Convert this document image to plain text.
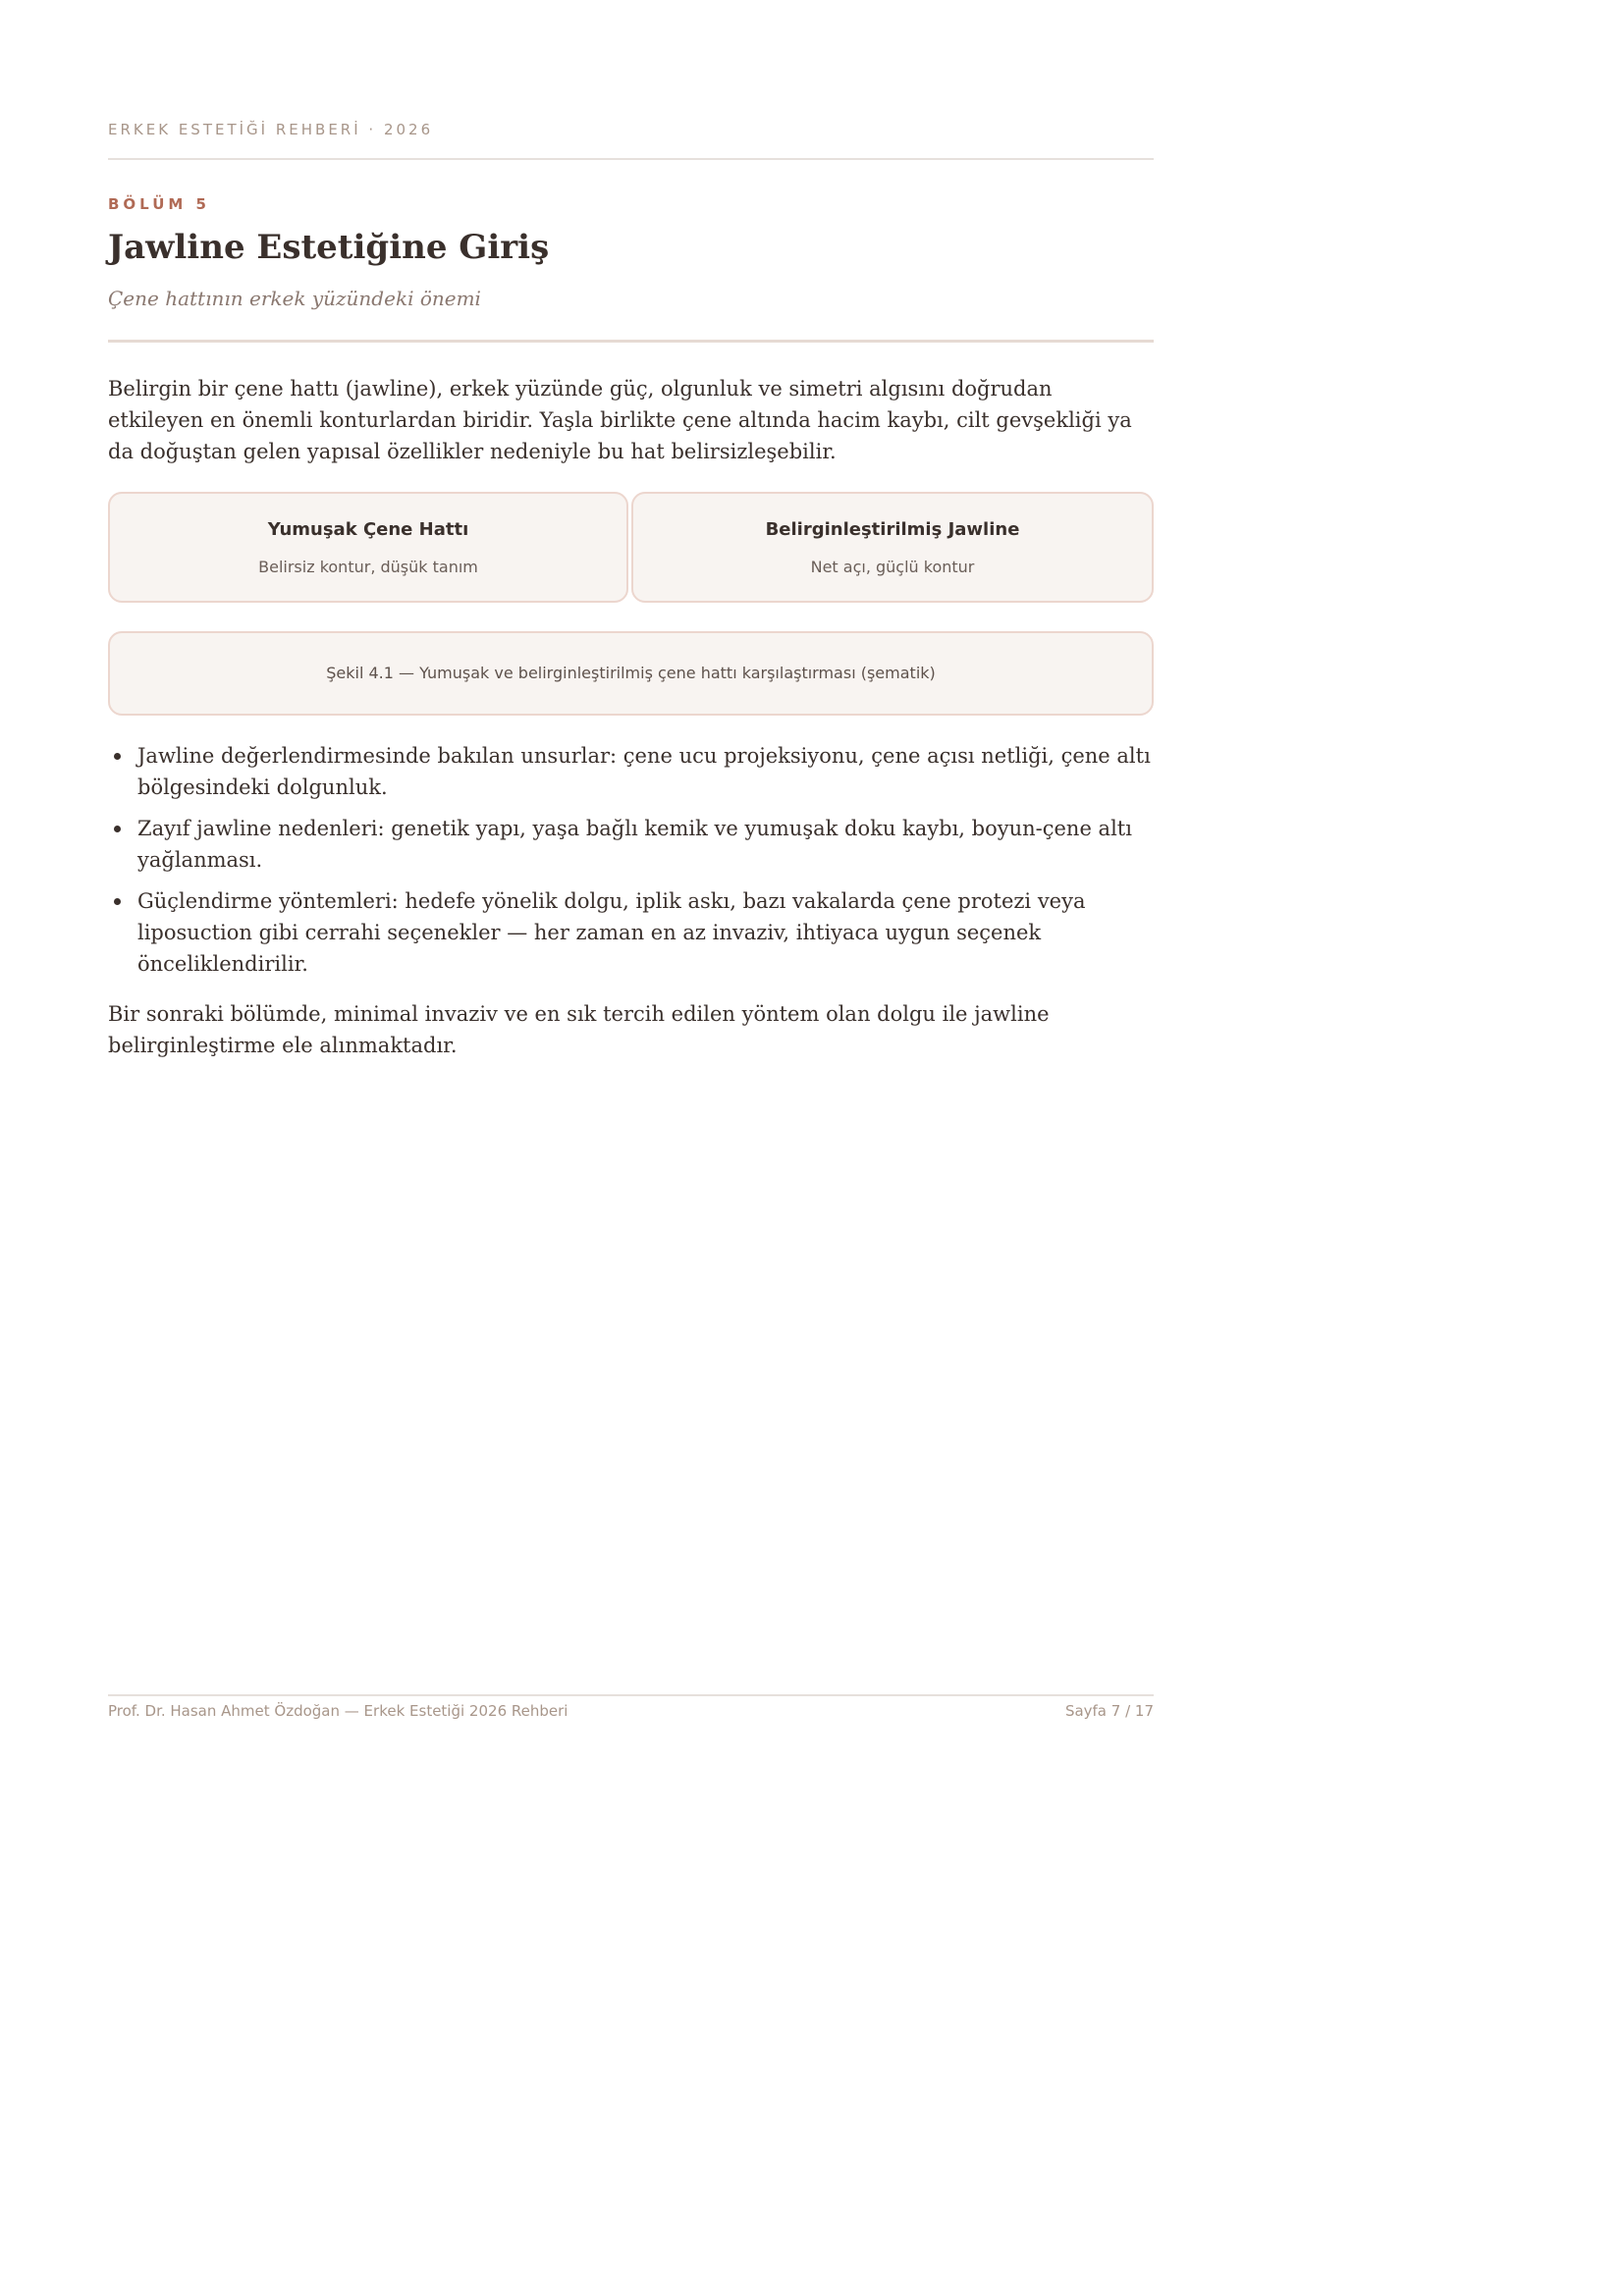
ERKEK ESTETİĞİ REHBERİ · 2026
BÖLÜM 5
Jawline Estetiğine Giriş
Çene hattının erkek yüzündeki önemi

Belirgin bir çene hattı (jawline), erkek yüzünde güç, olgunluk ve simetri algısını doğrudan etkileyen en önemli konturlardan biridir. Yaşla birlikte çene altında hacim kaybı, cilt gevşekliği ya da doğuştan gelen yapısal özellikler nedeniyle bu hat belirsizleşebilir.

Yumuşak Çene Hattı
Belirsiz kontur, düşük tanım
Belirginleştirilmiş Jawline
Net açı, güçlü kontur
Şekil 4.1 — Yumuşak ve belirginleştirilmiş çene hattı karşılaştırması (şematik)
Jawline değerlendirmesinde bakılan unsurlar: çene ucu projeksiyonu, çene açısı netliği, çene altı bölgesindeki dolgunluk.
Zayıf jawline nedenleri: genetik yapı, yaşa bağlı kemik ve yumuşak doku kaybı, boyun-çene altı yağlanması.
Güçlendirme yöntemleri: hedefe yönelik dolgu, iplik askı, bazı vakalarda çene protezi veya liposuction gibi cerrahi seçenekler — her zaman en az invaziv, ihtiyaca uygun seçenek önceliklendirilir.

Bir sonraki bölümde, minimal invaziv ve en sık tercih edilen yöntem olan dolgu ile jawline belirginleştirme ele alınmaktadır.

Prof. Dr. Hasan Ahmet Özdoğan — Erkek Estetiği 2026 Rehberi	Sayfa 7 / 17
